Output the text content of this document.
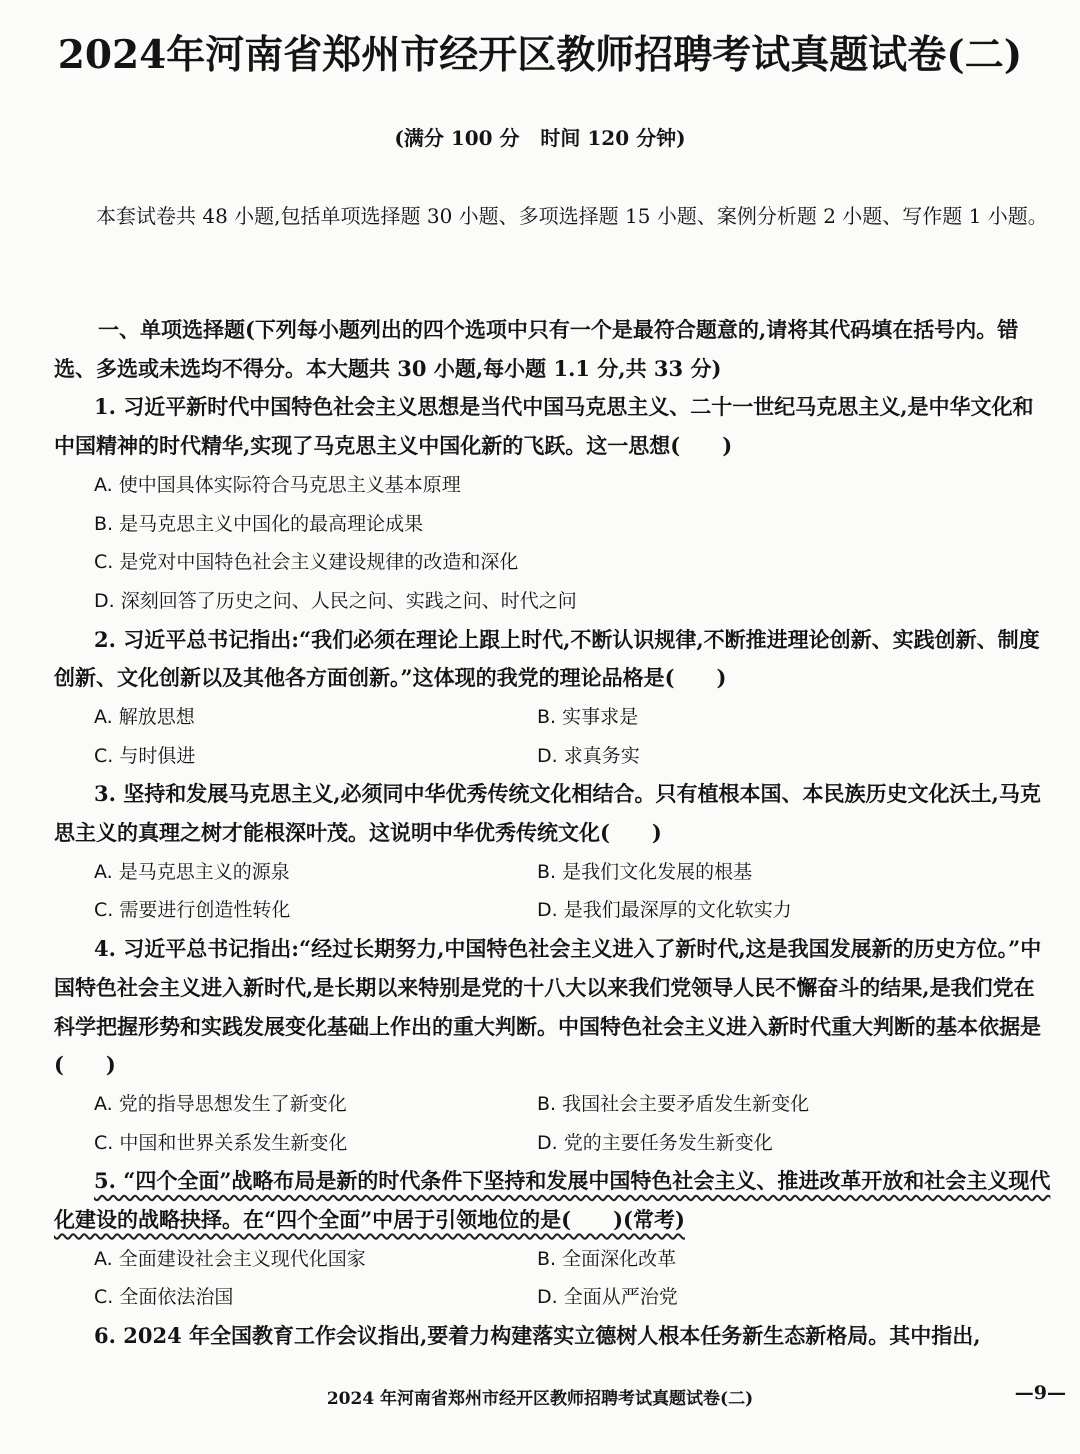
2024年河南省郑州市经开区教师招聘考试真题试卷(二)
(满分 100 分   时间 120 分钟)
本套试卷共 48 小题,包括单项选择题 30 小题、多项选择题 15 小题、案例分析题 2 小题、写作题 1 小题。

一、单项选择题(下列每小题列出的四个选项中只有一个是最符合题意的,请将其代码填在括号内。错选、多选或未选均不得分。本大题共 30 小题,每小题 1.1 分,共 33 分)

1. 习近平新时代中国特色社会主义思想是当代中国马克思主义、二十一世纪马克思主义,是中华文化和中国精神的时代精华,实现了马克思主义中国化新的飞跃。这一思想(　　)

A. 使中国具体实际符合马克思主义基本原理
B. 是马克思主义中国化的最高理论成果
C. 是党对中国特色社会主义建设规律的改造和深化
D. 深刻回答了历史之问、人民之问、实践之问、时代之问

2. 习近平总书记指出:“我们必须在理论上跟上时代,不断认识规律,不断推进理论创新、实践创新、制度创新、文化创新以及其他各方面创新。”这体现的我党的理论品格是(　　)

A. 解放思想	B. 实事求是
C. 与时俱进	D. 求真务实

3. 坚持和发展马克思主义,必须同中华优秀传统文化相结合。只有植根本国、本民族历史文化沃土,马克思主义的真理之树才能根深叶茂。这说明中华优秀传统文化(　　)

A. 是马克思主义的源泉	B. 是我们文化发展的根基
C. 需要进行创造性转化	D. 是我们最深厚的文化软实力

4. 习近平总书记指出:“经过长期努力,中国特色社会主义进入了新时代,这是我国发展新的历史方位。”中国特色社会主义进入新时代,是长期以来特别是党的十八大以来我们党领导人民不懈奋斗的结果,是我们党在科学把握形势和实践发展变化基础上作出的重大判断。中国特色社会主义进入新时代重大判断的基本依据是(　　)

A. 党的指导思想发生了新变化	B. 我国社会主要矛盾发生新变化
C. 中国和世界关系发生新变化	D. 党的主要任务发生新变化

5. “四个全面”战略布局是新的时代条件下坚持和发展中国特色社会主义、推进改革开放和社会主义现代化建设的战略抉择。在“四个全面”中居于引领地位的是(　　)(常考)

A. 全面建设社会主义现代化国家	B. 全面深化改革
C. 全面依法治国	D. 全面从严治党

6. 2024 年全国教育工作会议指出,要着力构建落实立德树人根本任务新生态新格局。其中指出,

2024 年河南省郑州市经开区教师招聘考试真题试卷(二)	—9—
